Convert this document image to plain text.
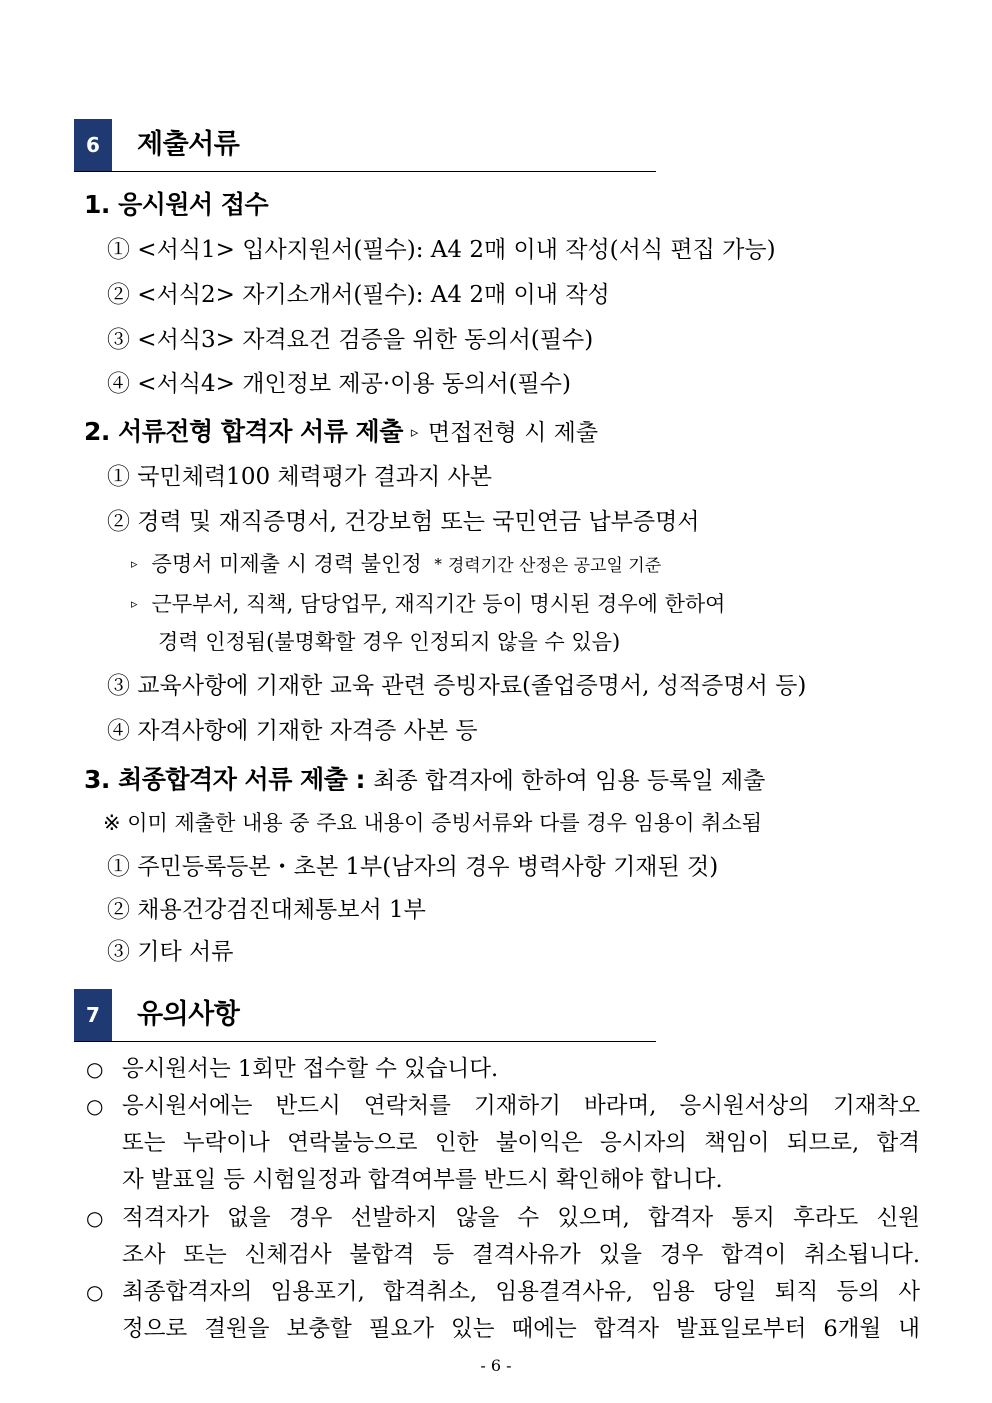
6	제출서류
1. 응시원서 접수
① <서식1> 입사지원서(필수): A4 2매 이내 작성(서식 편집 가능)
② <서식2> 자기소개서(필수): A4 2매 이내 작성
③ <서식3> 자격요건 검증을 위한 동의서(필수)
④ <서식4> 개인정보 제공·이용 동의서(필수)
2. 서류전형 합격자 서류 제출 ▹ 면접전형 시 제출
① 국민체력100 체력평가 결과지 사본
② 경력 및 재직증명서, 건강보험 또는 국민연금 납부증명서
▹ 증명서 미제출 시 경력 불인정 * 경력기간 산정은 공고일 기준
▹ 근무부서, 직책, 담당업무, 재직기간 등이 명시된 경우에 한하여
경력 인정됨(불명확할 경우 인정되지 않을 수 있음)
③ 교육사항에 기재한 교육 관련 증빙자료(졸업증명서, 성적증명서 등)
④ 자격사항에 기재한 자격증 사본 등
3. 최종합격자 서류 제출 : 최종 합격자에 한하여 임용 등록일 제출
※ 이미 제출한 내용 중 주요 내용이 증빙서류와 다를 경우 임용이 취소됨
① 주민등록등본・초본 1부(남자의 경우 병력사항 기재된 것)
② 채용건강검진대체통보서 1부
③ 기타 서류
7	유의사항
○ 응시원서는 1회만 접수할 수 있습니다.
○ 응시원서에는 반드시 연락처를 기재하기 바라며, 응시원서상의 기재착오
또는 누락이나 연락불능으로 인한 불이익은 응시자의 책임이 되므로, 합격
자 발표일 등 시험일정과 합격여부를 반드시 확인해야 합니다.
○ 적격자가 없을 경우 선발하지 않을 수 있으며, 합격자 통지 후라도 신원
조사 또는 신체검사 불합격 등 결격사유가 있을 경우 합격이 취소됩니다.
○ 최종합격자의 임용포기, 합격취소, 임용결격사유, 임용 당일 퇴직 등의 사
정으로 결원을 보충할 필요가 있는 때에는 합격자 발표일로부터 6개월 내
- 6 -
